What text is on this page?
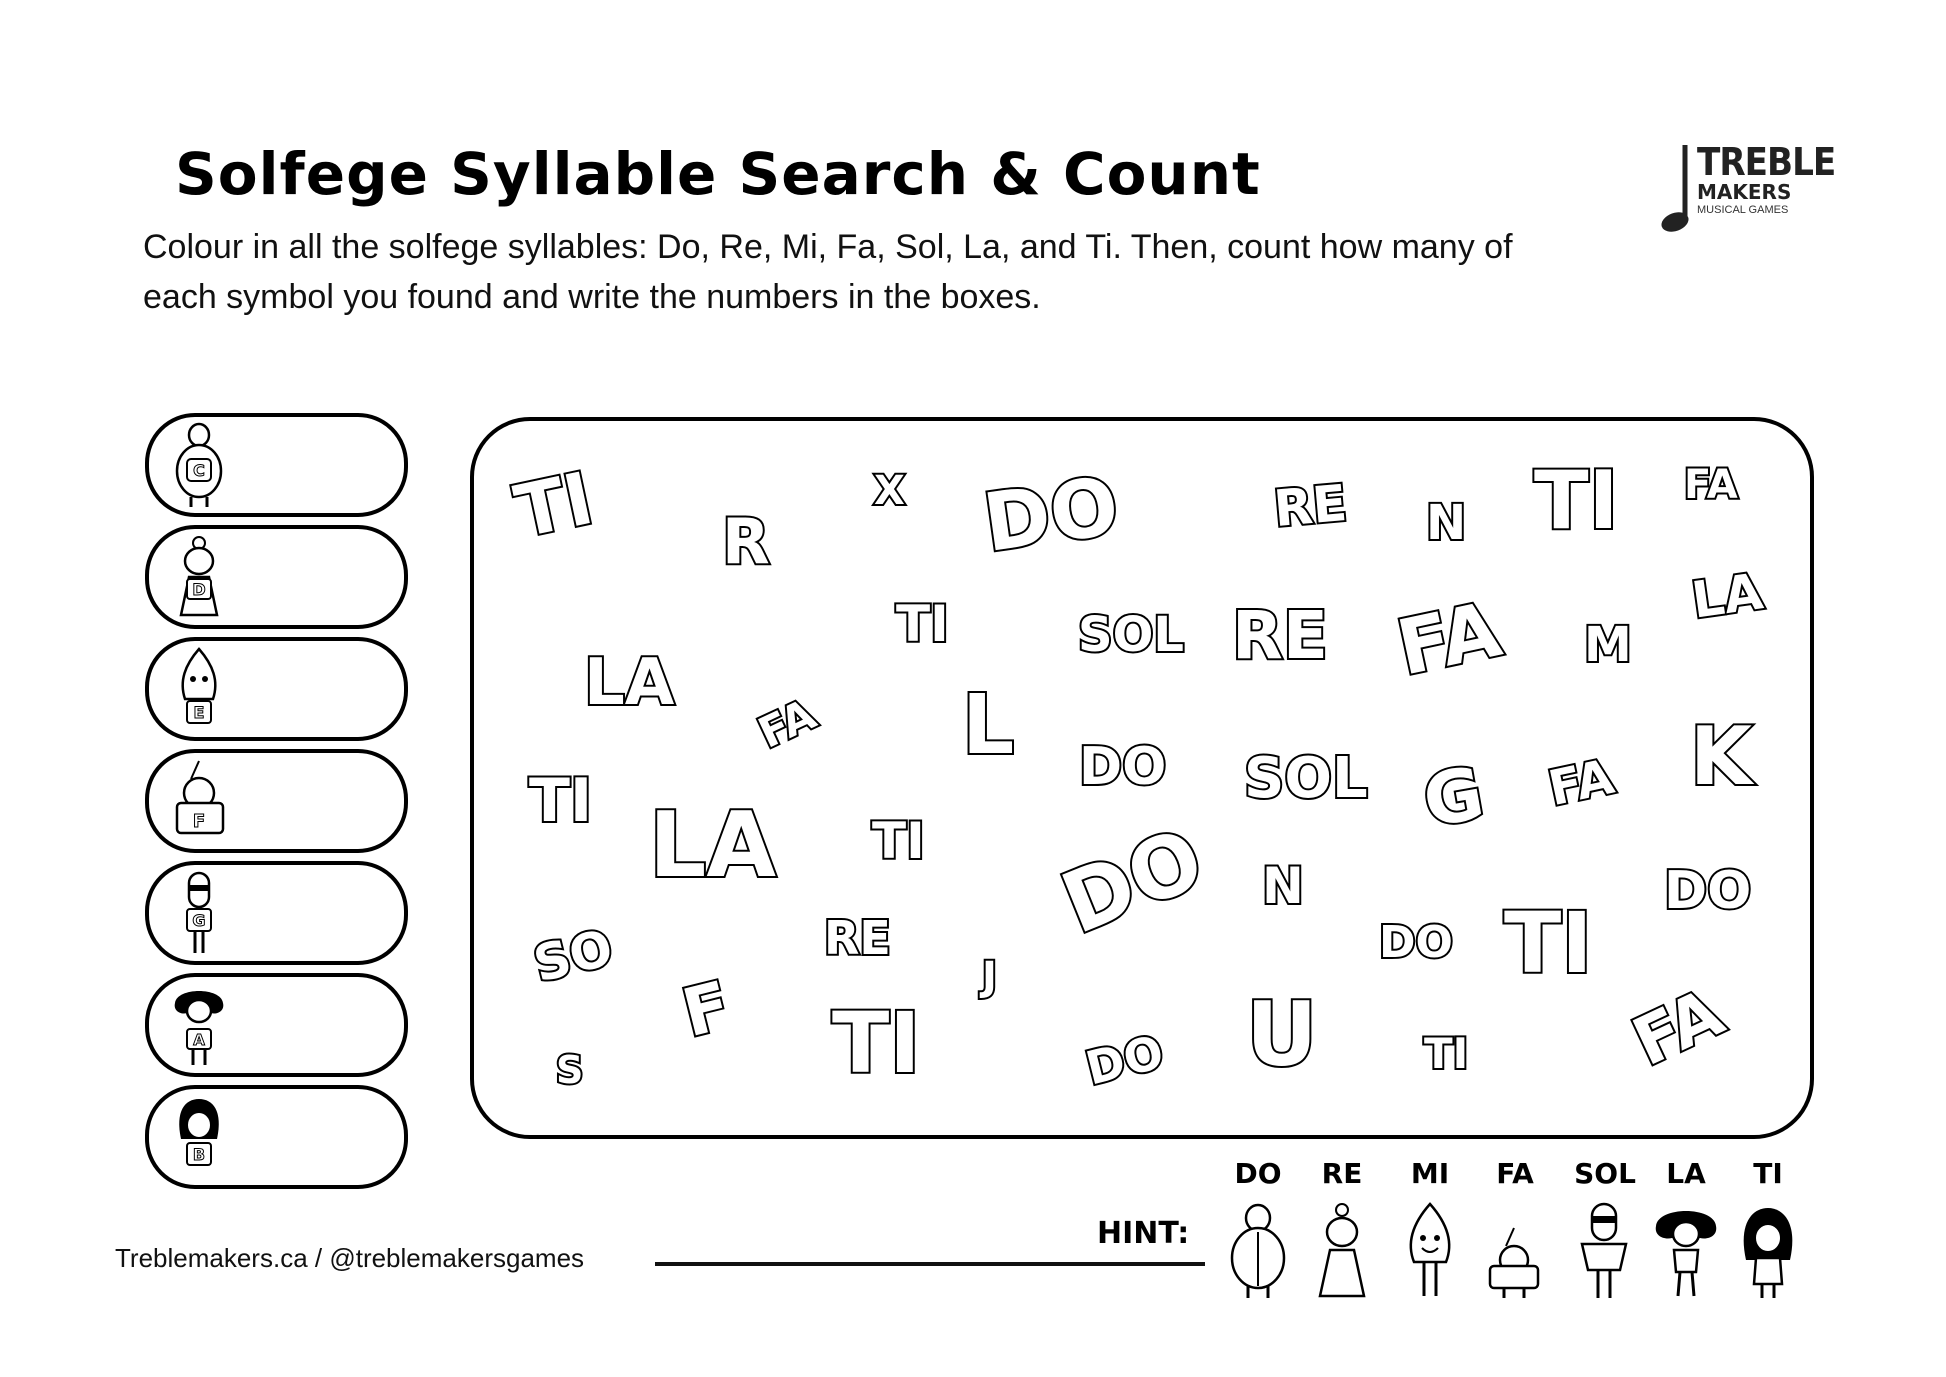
Solfege Syllable Search & Count

Colour in all the solfege syllables: Do, Re, Mi, Fa, Sol, La, and Ti. Then, count how many of each symbol you found and write the numbers in the boxes.

TREBLE
MAKERS
MUSICAL GAMES
C
D
E
F
G
A
B
TI	X DO	RE N TI FA
R
TI	SOL RE FA M
LA
LA
FA L DO SOL G FA K
TI LA TI DO N	DO
SO	RE
J
DO TI
F TI	DO U	TI FA
S
Treblemakers.ca / @treblemakersgames
HINT:
DO	RE	MI	FA	SOL	LA	TI
